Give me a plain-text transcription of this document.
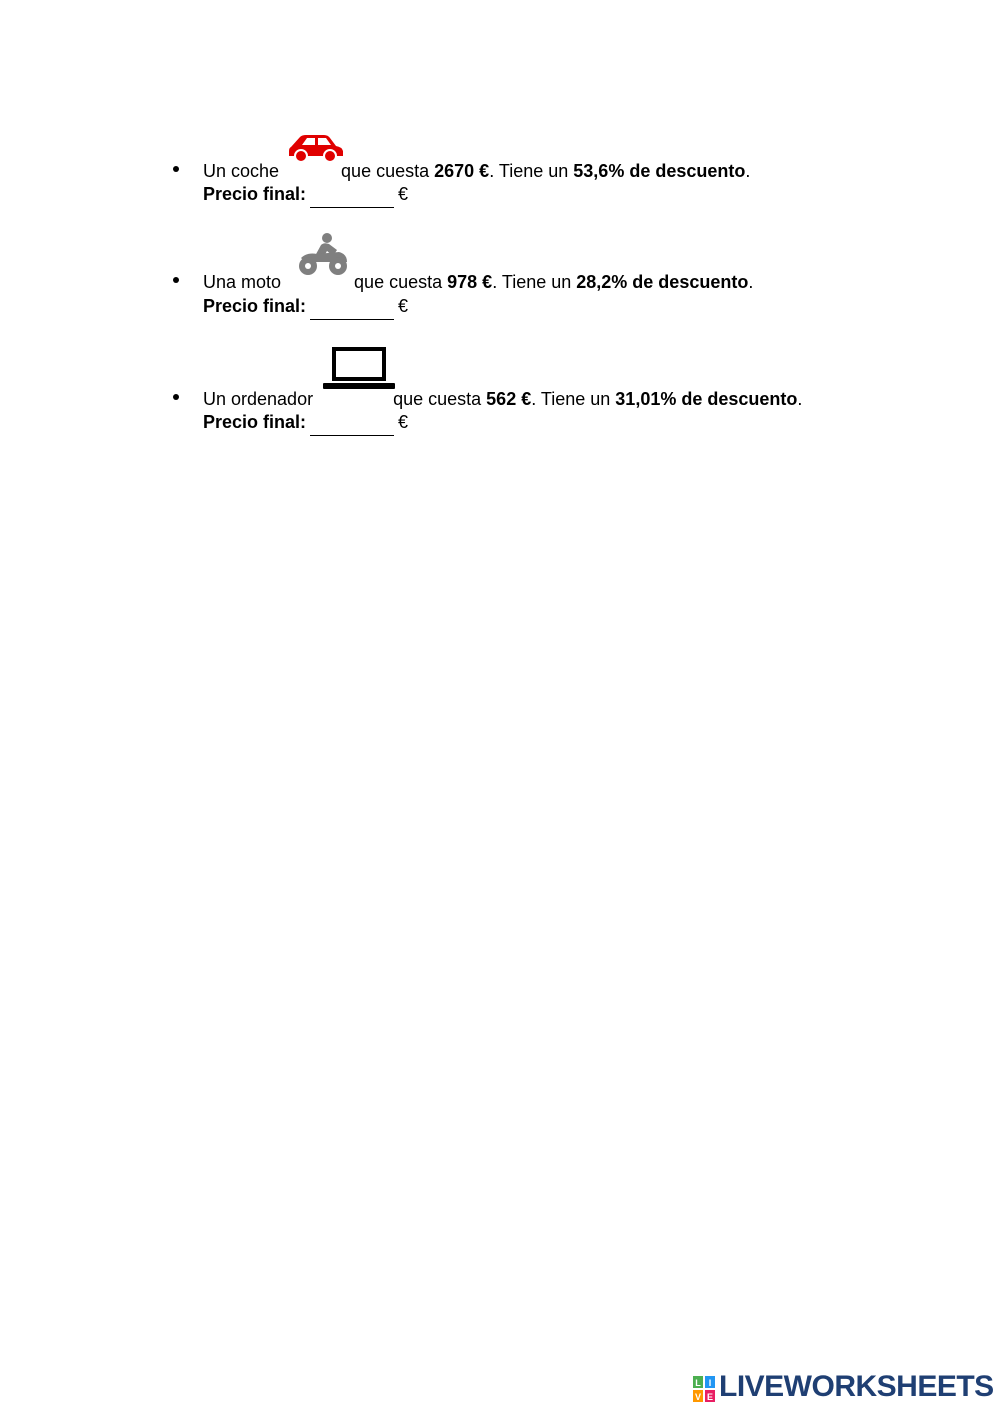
Un coche	que cuesta 2670 €. Tiene un 53,6% de descuento.
Precio final:	€
Una moto	que cuesta 978 €. Tiene un 28,2% de descuento.
Precio final:	€
Un ordenador	que cuesta 562 €. Tiene un 31,01% de descuento.
Precio final:	€
L I
V E LIVEWORKSHEETS
